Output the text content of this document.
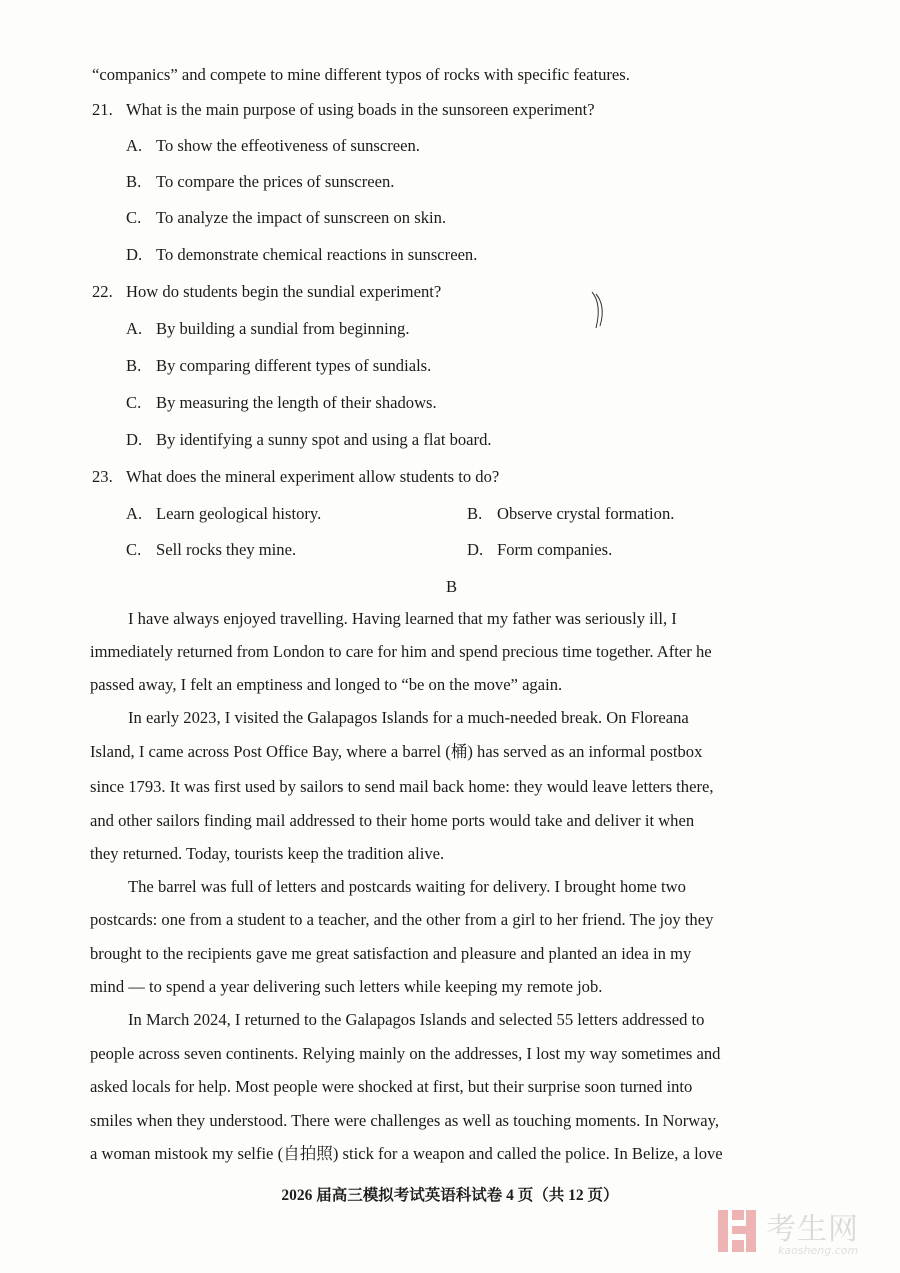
“companics” and compete to mine different typos of rocks with specific features.
21. What is the main purpose of using boads in the sunsoreen experiment?
A. To show the effeotiveness of sunscreen.
B. To compare the prices of sunscreen.
C. To analyze the impact of sunscreen on skin.
D. To demonstrate chemical reactions in sunscreen.
22. How do students begin the sundial experiment?
A. By building a sundial from beginning.
B. By comparing different types of sundials.
C. By measuring the length of their shadows.
D. By identifying a sunny spot and using a flat board.
23. What does the mineral experiment allow students to do?
A. Learn geological history.	B. Observe crystal formation.
C. Sell rocks they mine.	D. Form companies.
B
I have always enjoyed travelling. Having learned that my father was seriously ill, I
immediately returned from London to care for him and spend precious time together. After he
passed away, I felt an emptiness and longed to “be on the move” again.
In early 2023, I visited the Galapagos Islands for a much-needed break. On Floreana
Island, I came across Post Office Bay, where a barrel (桶) has served as an informal postbox
since 1793. It was first used by sailors to send mail back home: they would leave letters there,
and other sailors finding mail addressed to their home ports would take and deliver it when
they returned. Today, tourists keep the tradition alive.
The barrel was full of letters and postcards waiting for delivery. I brought home two
postcards: one from a student to a teacher, and the other from a girl to her friend. The joy they
brought to the recipients gave me great satisfaction and pleasure and planted an idea in my
mind — to spend a year delivering such letters while keeping my remote job.
In March 2024, I returned to the Galapagos Islands and selected 55 letters addressed to
people across seven continents. Relying mainly on the addresses, I lost my way sometimes and
asked locals for help. Most people were shocked at first, but their surprise soon turned into
smiles when they understood. There were challenges as well as touching moments. In Norway,
a woman mistook my selfie (自拍照) stick for a weapon and called the police. In Belize, a love
2026 届高三模拟考试英语科试卷 4 页（共 12 页）
考生网
kaosheng.com
